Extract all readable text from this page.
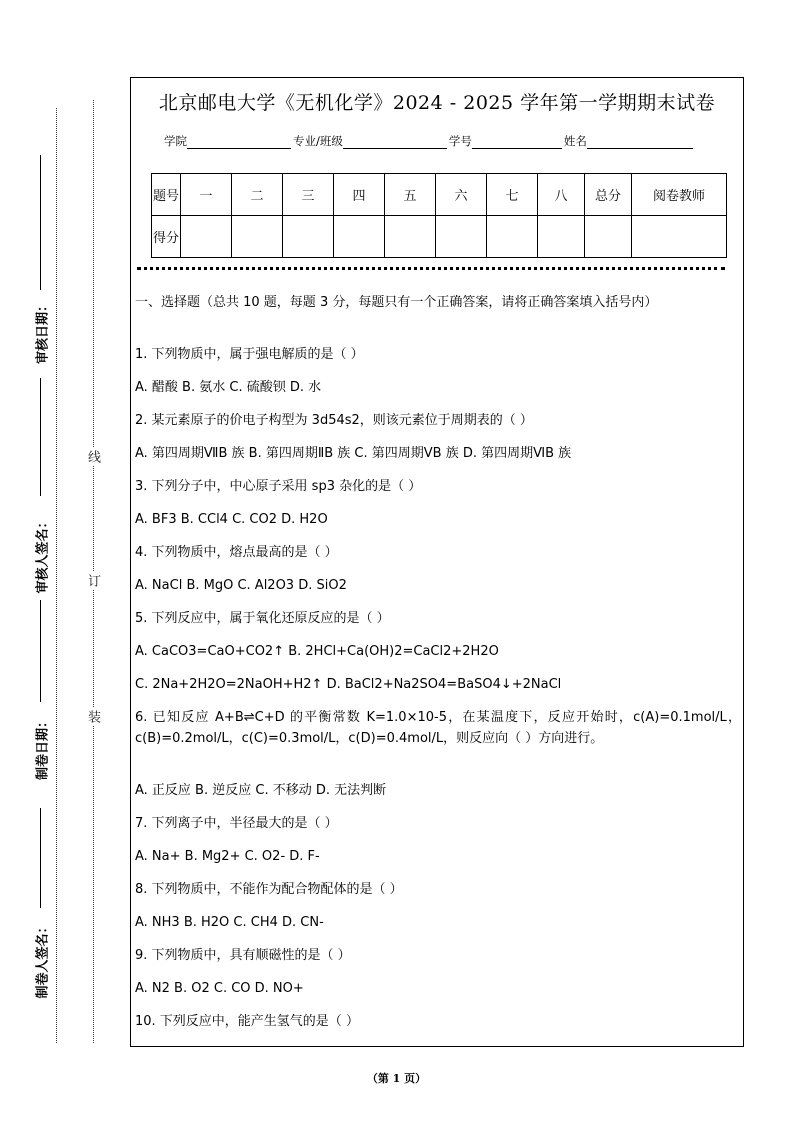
线
订
装
审核日期：
审核人签名：
制卷日期：
制卷人签名：
北京邮电大学《无机化学》2024 - 2025 学年第一学期期末试卷
学院	专业/班级	学号	姓名
题号	一	二	三	四	五	六	七	八	总分	阅卷教师
得分										
一、选择题（总共 10 题，每题 3 分，每题只有一个正确答案，请将正确答案填入括号内）
1. 下列物质中，属于强电解质的是（ ）
A. 醋酸 B. 氨水 C. 硫酸钡 D. 水
2. 某元素原子的价电子构型为 3d54s2，则该元素位于周期表的（ ）
A. 第四周期ⅦB 族 B. 第四周期ⅡB 族 C. 第四周期ⅤB 族 D. 第四周期ⅥB 族
3. 下列分子中，中心原子采用 sp3 杂化的是（ ）
A. BF3 B. CCl4 C. CO2 D. H2O
4. 下列物质中，熔点最高的是（ ）
A. NaCl B. MgO C. Al2O3 D. SiO2
5. 下列反应中，属于氧化还原反应的是（ ）
A. CaCO3=CaO+CO2↑ B. 2HCl+Ca(OH)2=CaCl2+2H2O
C. 2Na+2H2O=2NaOH+H2↑ D. BaCl2+Na2SO4=BaSO4↓+2NaCl
6. 已知反应 A+B⇌C+D 的平衡常数 K=1.0×10-5，在某温度下，反应开始时，c(A)=0.1mol/L，c(B)=0.2mol/L，c(C)=0.3mol/L，c(D)=0.4mol/L，则反应向（ ）方向进行。
A. 正反应 B. 逆反应 C. 不移动 D. 无法判断
7. 下列离子中，半径最大的是（ ）
A. Na+ B. Mg2+ C. O2- D. F-
8. 下列物质中，不能作为配合物配体的是（ ）
A. NH3 B. H2O C. CH4 D. CN-
9. 下列物质中，具有顺磁性的是（ ）
A. N2 B. O2 C. CO D. NO+
10. 下列反应中，能产生氢气的是（ ）
（第 1 页）
